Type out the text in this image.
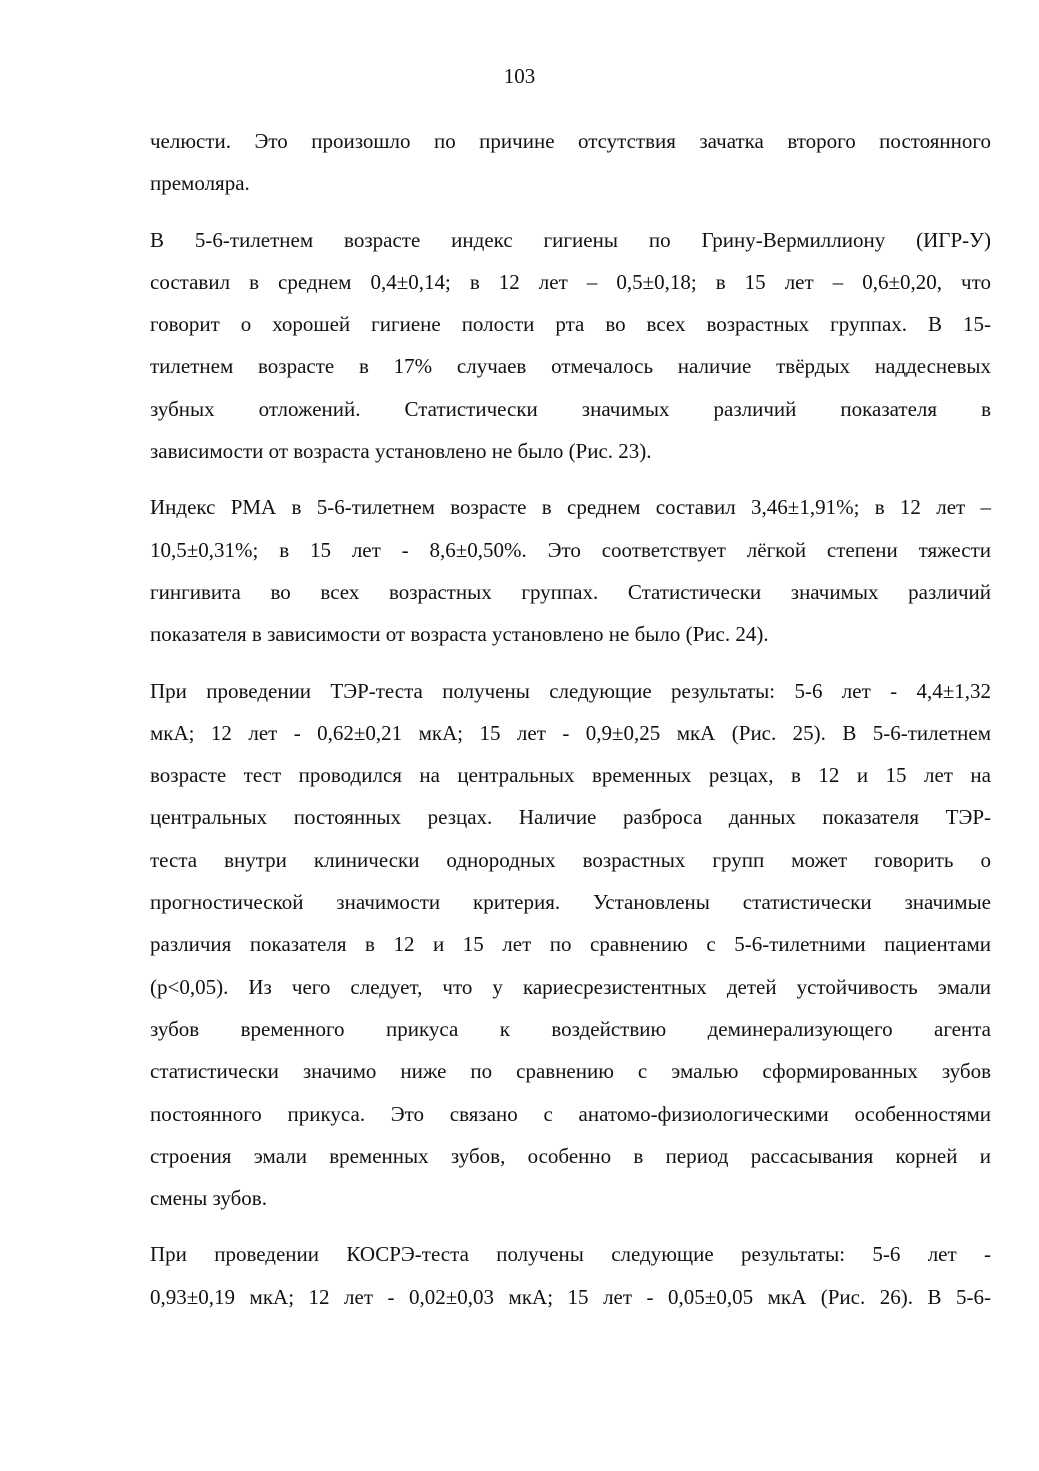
103
челюсти. Это произошло по причине отсутствия зачатка второго постоянного
премоляра.
В 5-6-тилетнем возрасте индекс гигиены по Грину-Вермиллиону (ИГР-У)
составил в среднем 0,4±0,14; в 12 лет – 0,5±0,18; в 15 лет – 0,6±0,20, что
говорит о хорошей гигиене полости рта во всех возрастных группах. В 15-
тилетнем возрасте в 17% случаев отмечалось наличие твёрдых наддесневых
зубных отложений. Статистически значимых различий показателя в
зависимости от возраста установлено не было (Рис. 23).
Индекс РМА в 5-6-тилетнем возрасте в среднем составил 3,46±1,91%; в 12 лет –
10,5±0,31%; в 15 лет - 8,6±0,50%. Это соответствует лёгкой степени тяжести
гингивита во всех возрастных группах. Статистически значимых различий
показателя в зависимости от возраста установлено не было (Рис. 24).
При проведении ТЭР-теста получены следующие результаты: 5-6 лет - 4,4±1,32
мкА; 12 лет - 0,62±0,21 мкА; 15 лет - 0,9±0,25 мкА (Рис. 25). В 5-6-тилетнем
возрасте тест проводился на центральных временных резцах, в 12 и 15 лет на
центральных постоянных резцах. Наличие разброса данных показателя ТЭР-
теста внутри клинически однородных возрастных групп может говорить о
прогностической значимости критерия. Установлены статистически значимые
различия показателя в 12 и 15 лет по сравнению с 5-6-тилетними пациентами
(p<0,05). Из чего следует, что у кариесрезистентных детей устойчивость эмали
зубов временного прикуса к воздействию деминерализующего агента
статистически значимо ниже по сравнению с эмалью сформированных зубов
постоянного прикуса. Это связано с анатомо-физиологическими особенностями
строения эмали временных зубов, особенно в период рассасывания корней и
смены зубов.
При проведении КОСРЭ-теста получены следующие результаты: 5-6 лет -
0,93±0,19 мкА; 12 лет - 0,02±0,03 мкА; 15 лет - 0,05±0,05 мкА (Рис. 26). В 5-6-
